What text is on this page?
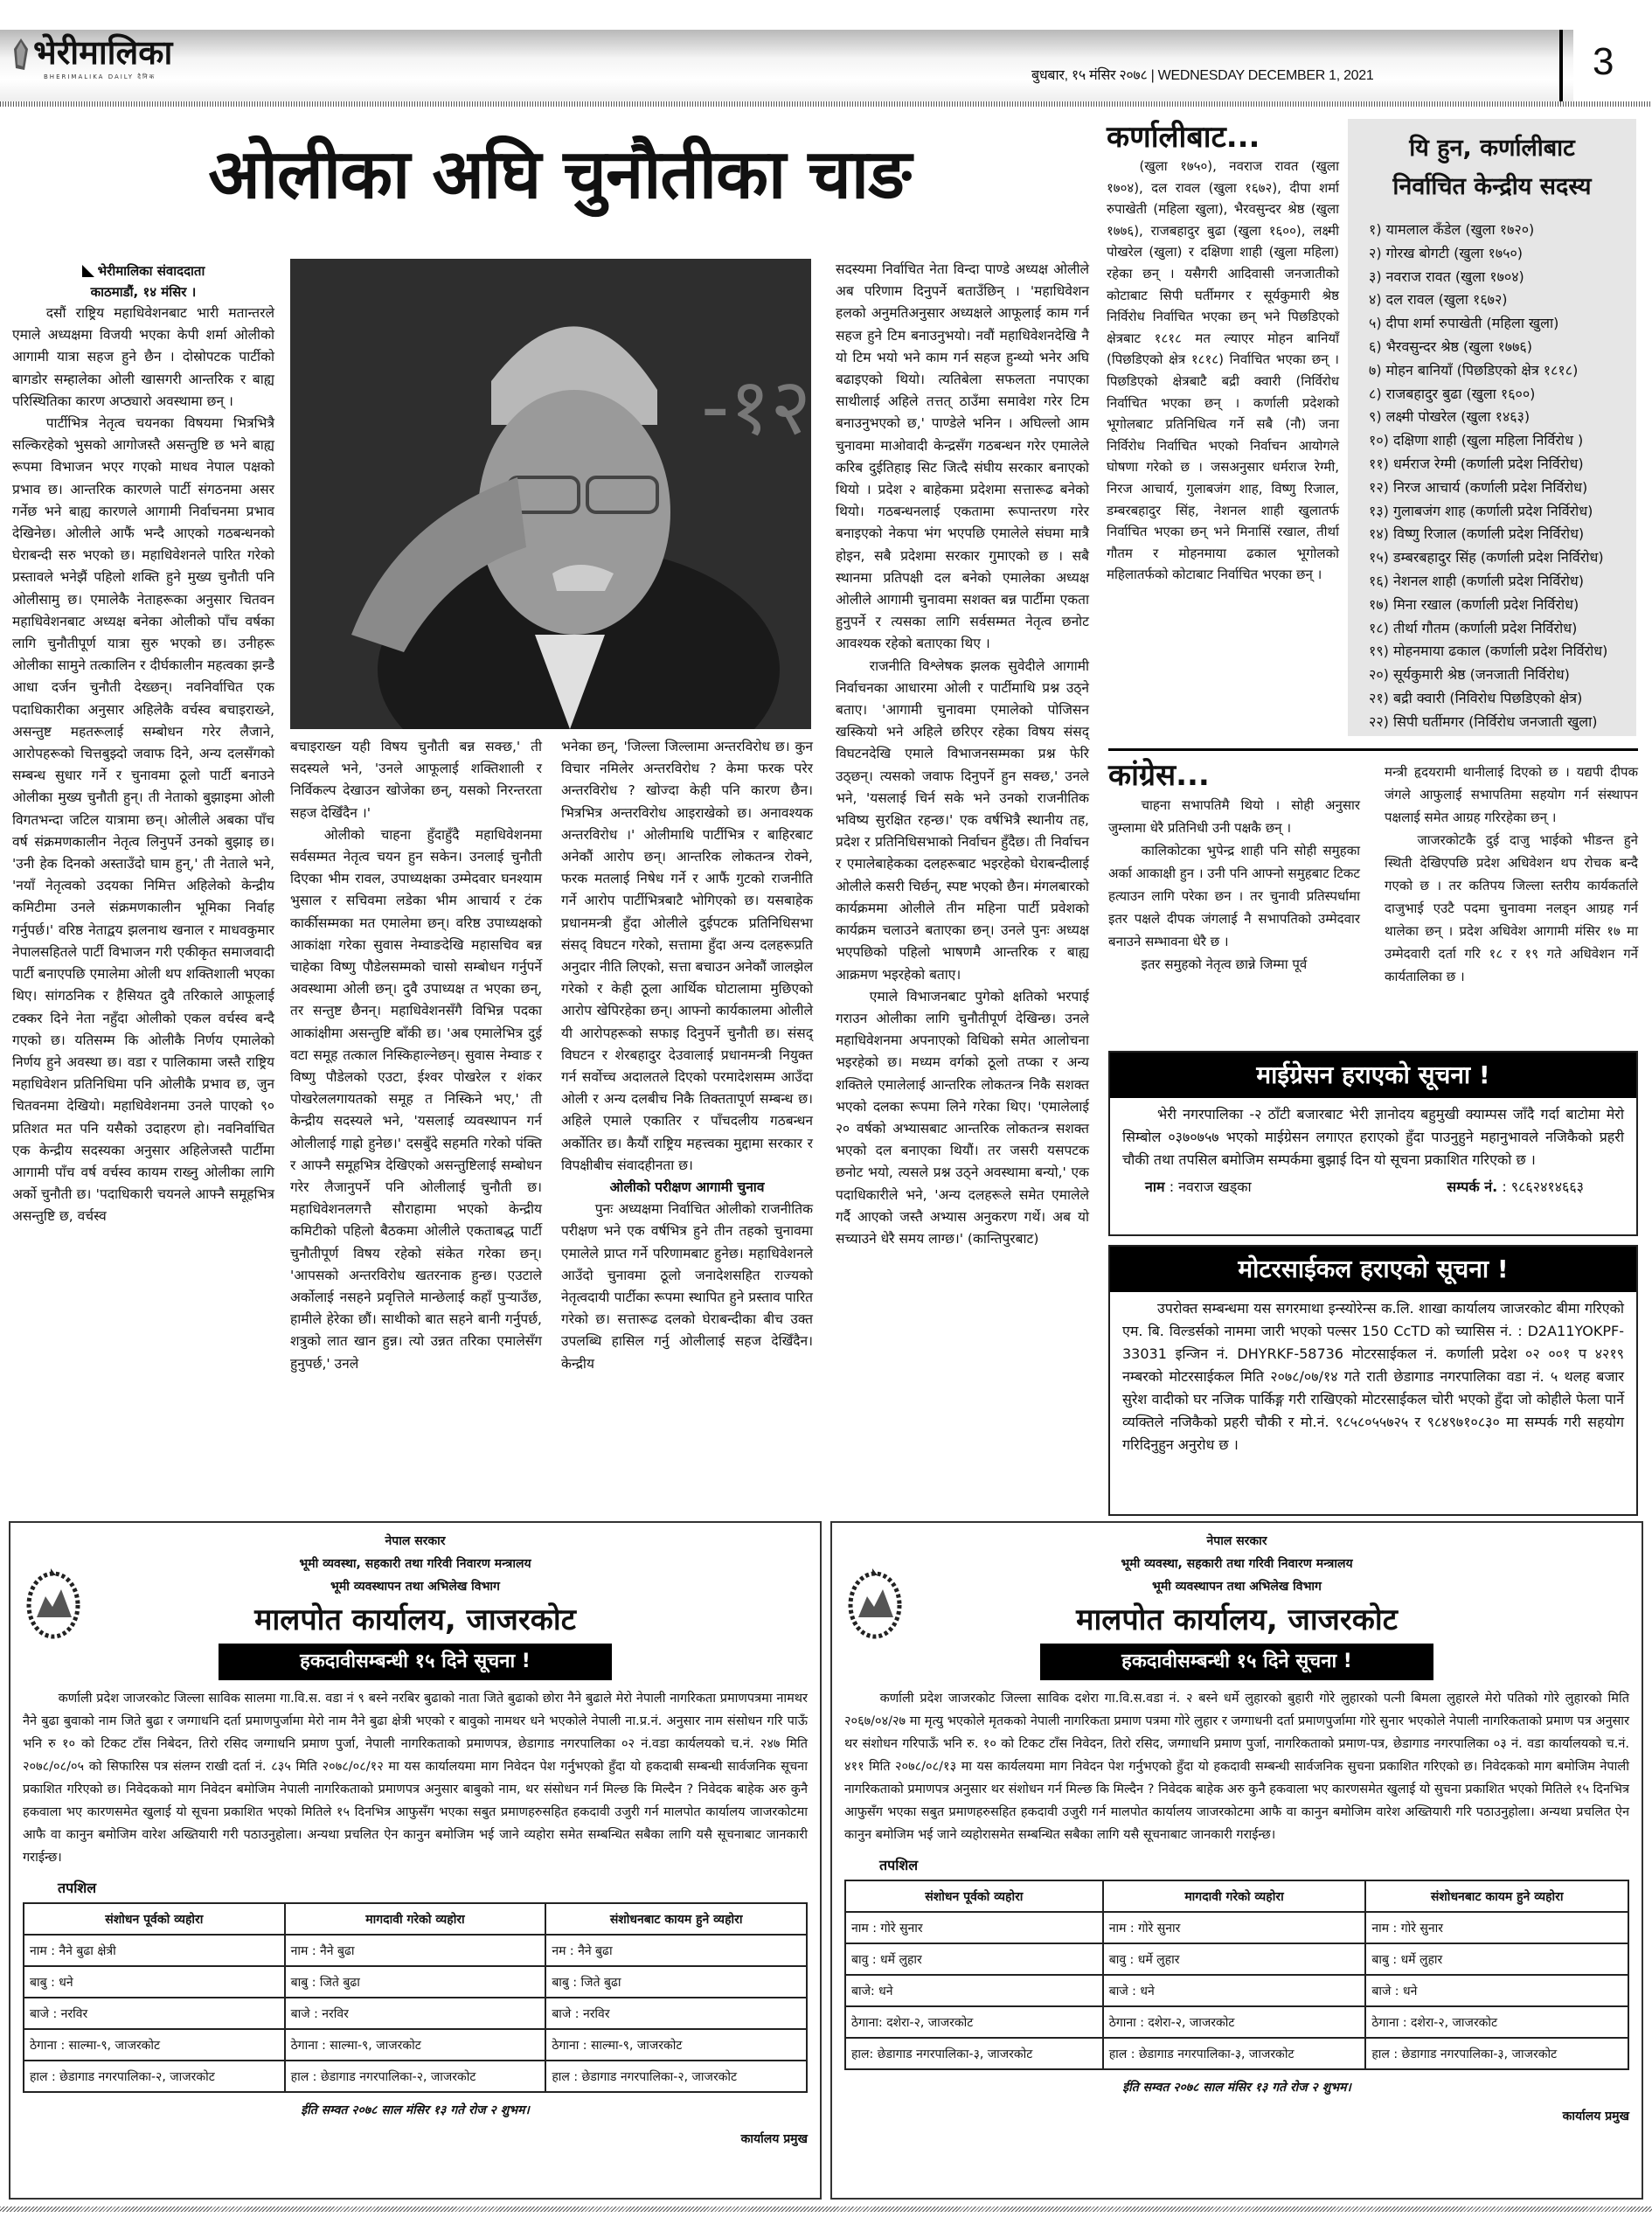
भेरीमालिका
BHERIMALIKA DAILY दैनिक	बुधबार, १५ मंसिर २०७८ | WEDNESDAY DECEMBER 1, 2021	3
ओलीका अघि चुनौतीका चाङ
भेरीमालिका संवाददाता
काठमाडौं, १४ मंसिर ।

दसौं राष्ट्रिय महाधिवेशनबाट भारी मतान्तरले एमाले अध्यक्षमा विजयी भएका केपी शर्मा ओलीको आगामी यात्रा सहज हुने छैन । दोस्रोपटक पार्टीको बागडोर सम्हालेका ओली खासगरी आन्तरिक र बाह्य परिस्थितिका कारण अप्ठ्यारो अवस्थामा छन् ।

पार्टीभित्र नेतृत्व चयनका विषयमा भित्रभित्रै सल्किरहेको भुसको आगोजस्तै असन्तुष्टि छ भने बाह्य रूपमा विभाजन भएर गएको माधव नेपाल पक्षको प्रभाव छ। आन्तरिक कारणले पार्टी संगठनमा असर गर्नेछ भने बाह्य कारणले आगामी निर्वाचनमा प्रभाव देखिनेछ। ओलीले आफैं भन्दै आएको गठबन्धनको घेराबन्दी सरु भएको छ। महाधिवेशनले पारित गरेको प्रस्तावले भनेझैं पहिलो शक्ति हुने मुख्य चुनौती पनि ओलीसामु छ। एमालेकै नेताहरूका अनुसार चितवन महाधिवेशनबाट अध्यक्ष बनेका ओलीको पाँच वर्षका लागि चुनौतीपूर्ण यात्रा सुरु भएको छ। उनीहरू ओलीका सामुने तत्कालिन र दीर्घकालीन महत्वका झन्डै आधा दर्जन चुनौती देख्छन्। नवनिर्वाचित एक पदाधिकारीका अनुसार अहिलेकै वर्चस्व बचाइराख्ने, असन्तुष्ट महतरूलाई सम्बोधन गरेर लैजाने, आरोपहरूको चित्तबुझ्दो जवाफ दिने, अन्य दलसँगको सम्बन्ध सुधार गर्ने र चुनावमा ठूलो पार्टी बनाउने ओलीका मुख्य चुनौती हुन्। ती नेताको बुझाइमा ओली विगतभन्दा जटिल यात्रामा छन्। ओलीले अबका पाँच वर्ष संक्रमणकालीन नेतृत्व लिनुपर्ने उनको बुझाइ छ। 'उनी हेक दिनको अस्ताउँदो घाम हुन्,' ती नेताले भने, 'नयाँ नेतृत्वको उदयका निमित्त अहिलेको केन्द्रीय कमिटीमा उनले संक्रमणकालीन भूमिका निर्वाह गर्नुपर्छ।' वरिष्ठ नेताद्वय झलनाथ खनाल र माधवकुमार नेपालसहितले पार्टी विभाजन गरी एकीकृत समाजवादी पार्टी बनाएपछि एमालेमा ओली थप शक्तिशाली भएका थिए। सांगठनिक र हैसियत दुवै तरिकाले आफूलाई टक्कर दिने नेता नहुँदा ओलीको एकल वर्चस्व बन्दै गएको छ। यतिसम्म कि ओलीकै निर्णय एमालेको निर्णय हुने अवस्था छ। वडा र पालिकामा जस्तै राष्ट्रिय महाधिवेशन प्रतिनिधिमा पनि ओलीकै प्रभाव छ, जुन चितवनमा देखियो। महाधिवेशनमा उनले पाएको ९० प्रतिशत मत पनि यसैको उदाहरण हो। नवनिर्वाचित एक केन्द्रीय सदस्यका अनुसार अहिलेजस्तै पार्टीमा आगामी पाँच वर्ष वर्चस्व कायम राख्नु ओलीका लागि अर्को चुनौती छ। 'पदाधिकारी चयनले आफ्नै समूहभित्र असन्तुष्टि छ, वर्चस्व

-१२

बचाइराख्न यही विषय चुनौती बन्न सक्छ,' ती सदस्यले भने, 'उनले आफूलाई शक्तिशाली र निर्विकल्प देखाउन खोजेका छन्, यसको निरन्तरता सहज देखिँदैन ।'

ओलीको चाहना हुँदाहुँदै महाधिवेशनमा सर्वसम्मत नेतृत्व चयन हुन सकेन। उनलाई चुनौती दिएका भीम रावल, उपाध्यक्षका उम्मेदवार घनश्याम भुसाल र सचिवमा लडेका भीम आचार्य र टंक कार्कीसम्मका मत एमालेमा छन्। वरिष्ठ उपाध्यक्षको आकांक्षा गरेका सुवास नेम्वाङदेखि महासचिव बन्न चाहेका विष्णु पौडेलसम्मको चासो सम्बोधन गर्नुपर्ने अवस्थामा ओली छन्। दुवै उपाध्यक्ष त भएका छन्, तर सन्तुष्ट छैनन्। महाधिवेशनसँगै विभिन्न पदका आकांक्षीमा असन्तुष्टि बाँकी छ। 'अब एमालेभित्र दुई वटा समूह तत्काल निस्किहाल्नेछन्। सुवास नेम्वाङ र विष्णु पौडेलको एउटा, ईश्वर पोखरेल र शंकर पोखरेललगायतको समूह त निस्किने भए,' ती केन्द्रीय सदस्यले भने, 'यसलाई व्यवस्थापन गर्न ओलीलाई गाह्रो हुनेछ।' दसबुँदे सहमति गरेको पंक्ति र आफ्नै समूहभित्र देखिएको असन्तुष्टिलाई सम्बोधन गरेर लैजानुपर्ने पनि ओलीलाई चुनौती छ। महाधिवेशनलगत्तै सौराहामा भएको केन्द्रीय कमिटीको पहिलो बैठकमा ओलीले एकताबद्ध पार्टी चुनौतीपूर्ण विषय रहेको संकेत गरेका छन्। 'आपसको अन्तरविरोध खतरनाक हुन्छ। एउटाले अर्कोलाई नसहने प्रवृत्तिले मान्छेलाई कहाँ पुर्‍याउँछ, हामीले हेरेका छौं। साथीको बात सहने बानी गर्नुपर्छ, शत्रुको लात खान हुन्न। त्यो उन्नत तरिका एमालेसँग हुनुपर्छ,' उनले

भनेका छन्, 'जिल्ला जिल्लामा अन्तरविरोध छ। कुन विचार नमिलेर अन्तरविरोध ? केमा फरक परेर अन्तरविरोध ? खोज्दा केही पनि कारण छैन। भित्रभित्र अन्तरविरोध आइराखेको छ। अनावश्यक अन्तरविरोध ।' ओलीमाथि पार्टीभित्र र बाहिरबाट अनेकौं आरोप छन्। आन्तरिक लोकतन्त्र रोक्ने, फरक मतलाई निषेध गर्ने र आफैं गुटको राजनीति गर्ने आरोप पार्टीभित्रबाटै भोगिएको छ। यसबाहेक प्रधानमन्त्री हुँदा ओलीले दुईपटक प्रतिनिधिसभा संसद् विघटन गरेको, सत्तामा हुँदा अन्य दलहरूप्रति अनुदार नीति लिएको, सत्ता बचाउन अनेकौं जालझेल गरेको र केही ठूला आर्थिक घोटालामा मुछिएको आरोप खेपिरहेका छन्। आफ्नो कार्यकालमा ओलीले यी आरोपहरूको सफाइ दिनुपर्ने चुनौती छ। संसद् विघटन र शेरबहादुर देउवालाई प्रधानमन्त्री नियुक्त गर्न सर्वोच्च अदालतले दिएको परमादेशसम्म आउँदा ओली र अन्य दलबीच निकै तिक्ततापूर्ण सम्बन्ध छ। अहिले एमाले एकातिर र पाँचदलीय गठबन्धन अर्कोतिर छ। कैयौं राष्ट्रिय महत्त्वका मुद्दामा सरकार र विपक्षीबीच संवादहीनता छ।

ओलीको परीक्षण आगामी चुनाव

पुनः अध्यक्षमा निर्वाचित ओलीको राजनीतिक परीक्षण भने एक वर्षभित्र हुने तीन तहको चुनावमा एमालेले प्राप्त गर्ने परिणामबाट हुनेछ। महाधिवेशनले आउँदो चुनावमा ठूलो जनादेशसहित राज्यको नेतृत्वदायी पार्टीका रूपमा स्थापित हुने प्रस्ताव पारित गरेको छ। सत्तारूढ दलको घेराबन्दीका बीच उक्त उपलब्धि हासिल गर्नु ओलीलाई सहज देखिँदैन। केन्द्रीय

सदस्यमा निर्वाचित नेता विन्दा पाण्डे अध्यक्ष ओलीले अब परिणाम दिनुपर्ने बताउँछिन् । 'महाधिवेशन हलको अनुमतिअनुसार अध्यक्षले आफूलाई काम गर्न सहज हुने टिम बनाउनुभयो। नवौं महाधिवेशनदेखि नै यो टिम भयो भने काम गर्न सहज हुन्थ्यो भनेर अघि बढाइएको थियो। त्यतिबेला सफलता नपाएका साथीलाई अहिले तत्तत् ठाउँमा समावेश गरेर टिम बनाउनुभएको छ,' पाण्डेले भनिन । अघिल्लो आम चुनावमा माओवादी केन्द्रसँग गठबन्धन गरेर एमालेले करिब दुईतिहाइ सिट जित्दै संघीय सरकार बनाएको थियो । प्रदेश २ बाहेकमा प्रदेशमा सत्तारूढ बनेको थियो। गठबन्धनलाई एकतामा रूपान्तरण गरेर बनाइएको नेकपा भंग भएपछि एमालेले संघमा मात्रै होइन, सबै प्रदेशमा सरकार गुमाएको छ । सबै स्थानमा प्रतिपक्षी दल बनेको एमालेका अध्यक्ष ओलीले आगामी चुनावमा सशक्त बन्न पार्टीमा एकता हुनुपर्ने र त्यसका लागि सर्वसम्मत नेतृत्व छनोट आवश्यक रहेको बताएका थिए ।

राजनीति विश्लेषक झलक सुवेदीले आगामी निर्वाचनका आधारमा ओली र पार्टीमाथि प्रश्न उठ्ने बताए। 'आगामी चुनावमा एमालेको पोजिसन खस्कियो भने अहिले छरिएर रहेका विषय संसद् विघटनदेखि एमाले विभाजनसम्मका प्रश्न फेरि उठ्छन्। त्यसको जवाफ दिनुपर्ने हुन सक्छ,' उनले भने, 'यसलाई चिर्न सके भने उनको राजनीतिक भविष्य सुरक्षित रहन्छ।' एक वर्षभित्रै स्थानीय तह, प्रदेश र प्रतिनिधिसभाको निर्वाचन हुँदैछ। ती निर्वाचन र एमालेबाहेकका दलहरूबाट भइरहेको घेराबन्दीलाई ओलीले कसरी चिर्छन्, स्पष्ट भएको छैन। मंगलबारको कार्यक्रममा ओलीले तीन महिना पार्टी प्रवेशको कार्यक्रम चलाउने बताएका छन्। उनले पुनः अध्यक्ष भएपछिको पहिलो भाषणमै आन्तरिक र बाह्य आक्रमण भइरहेको बताए।

एमाले विभाजनबाट पुगेको क्षतिको भरपाई गराउन ओलीका लागि चुनौतीपूर्ण देखिन्छ। उनले महाधिवेशनमा अपनाएको विधिको समेत आलोचना भइरहेको छ। मध्यम वर्गको ठूलो तप्का र अन्य शक्तिले एमालेलाई आन्तरिक लोकतन्त्र निकै सशक्त भएको दलका रूपमा लिने गरेका थिए। 'एमालेलाई २० वर्षको अभ्यासबाट आन्तरिक लोकतन्त्र सशक्त भएको दल बनाएका थियौं। तर जसरी यसपटक छनोट भयो, त्यसले प्रश्न उठ्ने अवस्थामा बन्यो,' एक पदाधिकारीले भने, 'अन्य दलहरूले समेत एमालेले गर्दै आएको जस्तै अभ्यास अनुकरण गर्थे। अब यो सच्याउने धेरै समय लाग्छ।' (कान्तिपुरबाट)

कर्णालीबाट...

(खुला १७५०), नवराज रावत (खुला १७०४), दल रावल (खुला १६७२), दीपा शर्मा रुपाखेती (महिला खुला), भैरवसुन्दर श्रेष्ठ (खुला १७७६), राजबहादुर बुढा (खुला १६००), लक्ष्मी पोखरेल (खुला) र दक्षिणा शाही (खुला महिला) रहेका छन् । यसैगरी आदिवासी जनजातीको कोटाबाट सिपी घर्तीमगर र सूर्यकुमारी श्रेष्ठ निर्विरोध निर्वाचित भएका छन् भने पिछडिएको क्षेत्रबाट १८१८ मत ल्याएर मोहन बानियाँ (पिछडिएको क्षेत्र १८१८) निर्वाचित भएका छन् । पिछडिएको क्षेत्रबाटै बद्री क्वारी (निर्विरोध निर्वाचित भएका छन् । कर्णाली प्रदेशको भूगोलबाट प्रतिनिधित्व गर्ने सबै (नौ) जना निर्विरोध निर्वाचित भएको निर्वाचन आयोगले घोषणा गरेको छ । जसअनुसार धर्मराज रेग्मी, निरज आचार्य, गुलाबजंग शाह, विष्णु रिजाल, डम्बरबहादुर सिंह, नेशनल शाही खुलातर्फ निर्वाचित भएका छन् भने मिनासिं रखाल, तीर्था गौतम र मोहनमाया ढकाल भूगोलको महिलातर्फको कोटाबाट निर्वाचित भएका छन् ।

यि हुन, कर्णालीबाट
निर्वाचित केन्द्रीय सदस्य
१) यामलाल कँडेल (खुला १७२०)
२) गोरख बोगटी (खुला १७५०)
३) नवराज रावत (खुला १७०४)
४) दल रावल (खुला १६७२)
५) दीपा शर्मा रुपाखेती (महिला खुला)
६) भैरवसुन्दर श्रेष्ठ (खुला १७७६)
७) मोहन बानियाँ (पिछडिएको क्षेत्र १८१८)
८) राजबहादुर बुढा (खुला १६००)
९) लक्ष्मी पोखरेल (खुला १४६३)
१०) दक्षिणा शाही (खुला महिला निर्विरोध )
११) धर्मराज रेग्मी (कर्णाली प्रदेश निर्विरोध)
१२) निरज आचार्य (कर्णाली प्रदेश निर्विरोध)
१३) गुलाबजंग शाह (कर्णाली प्रदेश निर्विरोध)
१४) विष्णु रिजाल (कर्णाली प्रदेश निर्विरोध)
१५) डम्बरबहादुर सिंह (कर्णाली प्रदेश निर्विरोध)
१६) नेशनल शाही (कर्णाली प्रदेश निर्विरोध)
१७) मिना रखाल (कर्णाली प्रदेश निर्विरोध)
१८) तीर्था गौतम (कर्णाली प्रदेश निर्विरोध)
१९) मोहनमाया ढकाल (कर्णाली प्रदेश निर्विरोध)
२०) सूर्यकुमारी श्रेष्ठ (जनजाती निर्विरोध)
२१) बद्री क्वारी (निविरोध पिछडिएको क्षेत्र)
२२) सिपी घर्तीमगर (निर्विरोध जनजाती खुला)
कांग्रेस...

चाहना सभापतिमै थियो । सोही अनुसार जुम्लामा धेरै प्रतिनिधी उनी पक्षकै छन् ।

कालिकोटका भुपेन्द्र शाही पनि सोही समुहका अर्का आकाक्षी हुन । उनी पनि आफ्नो समुहबाट टिकट हत्याउन लागि परेका छन । तर चुनावी प्रतिस्पर्धामा इतर पक्षले दीपक जंगलाई नै सभापतिको उम्मेदवार बनाउने सम्भावना धेरै छ ।

इतर समुहको नेतृत्व छान्ने जिम्मा पूर्व

मन्त्री हृदयरामी थानीलाई दिएको छ । यद्यपी दीपक जंगले आफुलाई सभापतिमा सहयोग गर्न संस्थापन पक्षलाई समेत आग्रह गरिरहेका छन् ।

जाजरकोटकै दुई दाजु भाईको भीडन्त हुने स्थिती देखिएपछि प्रदेश अधिवेशन थप रोचक बन्दै गएको छ । तर कतिपय जिल्ला स्तरीय कार्यकर्ताले दाजुभाई एउटै पदमा चुनावमा नलड्न आग्रह गर्न थालेका छन् । प्रदेश अधिवेश आगामी मंसिर १७ मा उम्मेदवारी दर्ता गरि १८ र १९ गते अधिवेशन गर्ने कार्यतालिका छ ।

माईग्रेसन हराएको सूचना !

भेरी नगरपालिका -२ ठाँटी बजारबाट भेरी ज्ञानोदय बहुमुखी क्याम्पस जाँदै गर्दा बाटोमा मेरो सिम्बोल ०३७०७५७ भएको माईग्रेसन लगाएत हराएको हुँदा पाउनुहुने महानुभावले नजिकैको प्रहरी चौकी तथा तपसिल बमोजिम सम्पर्कमा बुझाई दिन यो सूचना प्रकाशित गरिएको छ ।

नाम : नवराज खड्का	सम्पर्क नं. : ९८६२४१४६६३
मोटरसाईकल हराएको सूचना !

उपरोक्त सम्बन्धमा यस सगरमाथा इन्स्योरेन्स क.लि. शाखा कार्यालय जाजरकोट बीमा गरिएको एम. बि. विल्डर्सको नाममा जारी भएको पल्सर 150 CcTD को च्यासिस नं. : D2A11YOKPF-33031 इन्जिन नं. DHYRKF-58736 मोटरसाईकल नं. कर्णाली प्रदेश ०२ ००१ प ४२१९ नम्बरको मोटरसाईकल मिति २०७८/०७/१४ गते राती छेडागाड नगरपालिका वडा नं. ५ थलह बजार सुरेश वादीको घर नजिक पार्किङ्ग गरी राखिएको मोटरसाईकल चोरी भएको हुँदा जो कोहीले फेला पार्ने व्यक्तिले नजिकैको प्रहरी चौकी र मो.नं. ९८५८०५५७२५ र ९८४९७१०८३० मा सम्पर्क गरी सहयोग गरिदिनुहुन अनुरोध छ ।

नेपाल सरकार
भूमी व्यवस्था, सहकारी तथा गरिवी निवारण मन्त्रालय
भूमी व्यवस्थापन तथा अभिलेख विभाग
मालपोत कार्यालय, जाजरकोट
हकदावीसम्बन्धी १५ दिने सूचना !

कर्णाली प्रदेश जाजरकोट जिल्ला साविक सालमा गा.वि.स. वडा नं ९ बस्ने नरबिर बुढाको नाता जिते बुढाको छोरा नैने बुढाले मेरो नेपाली नागरिकता प्रमाणपत्रमा नामथर नैने बुढा बुवाको नाम जिते बुढा र जग्गाधनि दर्ता प्रमाणपुर्जामा मेरो नाम नैने बुढा क्षेत्री भएको र बावुको नामथर धने भएकोले नेपाली ना.प्र.नं. अनुसार नाम संसोधन गरि पाऊँ भनि रु १० को टिकट टाँस निबेदन, तिरो रसिद जग्गाधनि प्रमाण पुर्जा, नेपाली नागरिकताको प्रमाणपत्र, छेडागाड नगरपालिका ०२ नं.वडा कार्यलयको च.नं. २४७ मिति २०७८/०८/०५ को सिफारिस पत्र संलग्न राखी दर्ता नं. ८३५ मिति २०७८/०८/१२ मा यस कार्यालयमा माग निवेदन पेश गर्नुभएको हुँदा यो हकदाबी सम्बन्धी सार्वजनिक सूचना प्रकाशित गरिएको छ। निवेदकको माग निवेदन बमोजिम नेपाली नागरिकताको प्रमाणपत्र अनुसार बाबुको नाम, थर संसोधन गर्न मिल्छ कि मिल्दैन ? निवेदक बाहेक अरु कुनै हकवाला भए कारणसमेत खुलाई यो सूचना प्रकाशित भएको मितिले १५ दिनभित्र आफुसँग भएका सबुत प्रमाणहरुसहित हकदावी उजुरी गर्न मालपोत कार्यालय जाजरकोटमा आफै वा कानुन बमोजिम वारेश अख्तियारी गरी पठाउनुहोला। अन्यथा प्रचलित ऐन कानुन बमोजिम भई जाने व्यहोरा समेत सम्बन्धित सबैका लागि यसै सूचनाबाट जानकारी गराईन्छ।

तपशिल
संशोधन पूर्वको व्यहोरा	मागदावी गरेको व्यहोरा	संशोधनबाट कायम हुने व्यहोरा
नाम : नैने बुढा क्षेत्री	नाम : नैने बुढा	नम : नैने बुढा
बाबु : धने	बाबु : जिते बुढा	बाबु : जिते बुढा
बाजे : नरविर	बाजे : नरविर	बाजे : नरविर
ठेगाना : साल्मा-९, जाजरकोट	ठेगाना : साल्मा-९, जाजरकोट	ठेगाना : साल्मा-९, जाजरकोट
हाल : छेडागाड नगरपालिका-२, जाजरकोट	हाल : छेडागाड नगरपालिका-२, जाजरकोट	हाल : छेडागाड नगरपालिका-२, जाजरकोट
ईति सम्वत २०७८ साल मंसिर १३ गते रोज २ शुभम।
कार्यालय प्रमुख
नेपाल सरकार
भूमी व्यवस्था, सहकारी तथा गरिवी निवारण मन्त्रालय
भूमी व्यवस्थापन तथा अभिलेख विभाग
मालपोत कार्यालय, जाजरकोट
हकदावीसम्बन्धी १५ दिने सूचना !

कर्णाली प्रदेश जाजरकोट जिल्ला साविक दशेरा गा.वि.स.वडा नं. २ बस्ने धर्मे लुहारको बुहारी गोरे लुहारको पत्नी बिमला लुहारले मेरो पतिको गोरे लुहारको मिति २०६७/०४/२७ मा मृत्यु भएकोले मृतकको नेपाली नागरिकता प्रमाण पत्रमा गोरे लुहार र जग्गाधनी दर्ता प्रमाणपुर्जामा गोरे सुनार भएकोले नेपाली नागरिकताको प्रमाण पत्र अनुसार थर संशोधन गरिपाऊँ भनि रु. १० को टिकट टाँस निवेदन, तिरो रसिद, जग्गाधनि प्रमाण पुर्जा, नागरिकताको प्रमाण-पत्र, छेडागाड नगरपालिका ०३ नं. वडा कार्यालयको च.नं. ४११ मिति २०७८/०८/१३ मा यस कार्यलयमा माग निवेदन पेश गर्नुभएको हुँदा यो हकदावी सम्बन्धी सार्वजनिक सुचना प्रकाशित गरिएको छ। निवेदकको माग बमोजिम नेपाली नागरिकताको प्रमाणपत्र अनुसार थर संशोधन गर्न मिल्छ कि मिल्दैन ? निवेदक बाहेक अरु कुनै हकवाला भए कारणसमेत खुलाई यो सुचना प्रकाशित भएको मितिले १५ दिनभित्र आफुसँग भएका सबुत प्रमाणहरुसहित हकदावी उजुरी गर्न मालपोत कार्यालय जाजरकोटमा आफै वा कानुन बमोजिम वारेश अख्तियारी गरि पठाउनुहोला। अन्यथा प्रचलित ऐन कानुन बमोजिम भई जाने व्यहोरासमेत सम्बन्धित सबैका लागि यसै सूचनाबाट जानकारी गराईन्छ।

तपशिल
संशोधन पूर्वको व्यहोरा	मागदावी गरेको व्यहोरा	संशोधनबाट कायम हुने व्यहोरा
नाम : गोरे सुनार	नाम : गोरे सुनार	नाम : गोरे सुनार
बावु : धर्मे लुहार	बावु : धर्मे लुहार	बाबु : धर्मे लुहार
बाजे: धने	बाजे : धने	बाजे : धने
ठेगाना: दशेरा-२, जाजरकोट	ठेगाना : दशेरा-२, जाजरकोट	ठेगाना : दशेरा-२, जाजरकोट
हाल: छेडागाड नगरपालिका-३, जाजरकोट	हाल : छेडागाड नगरपालिका-३, जाजरकोट	हाल : छेडागाड नगरपालिका-३, जाजरकोट
ईति सम्वत २०७८ साल मंसिर १३ गते रोज २ शुभम।
कार्यालय प्रमुख
